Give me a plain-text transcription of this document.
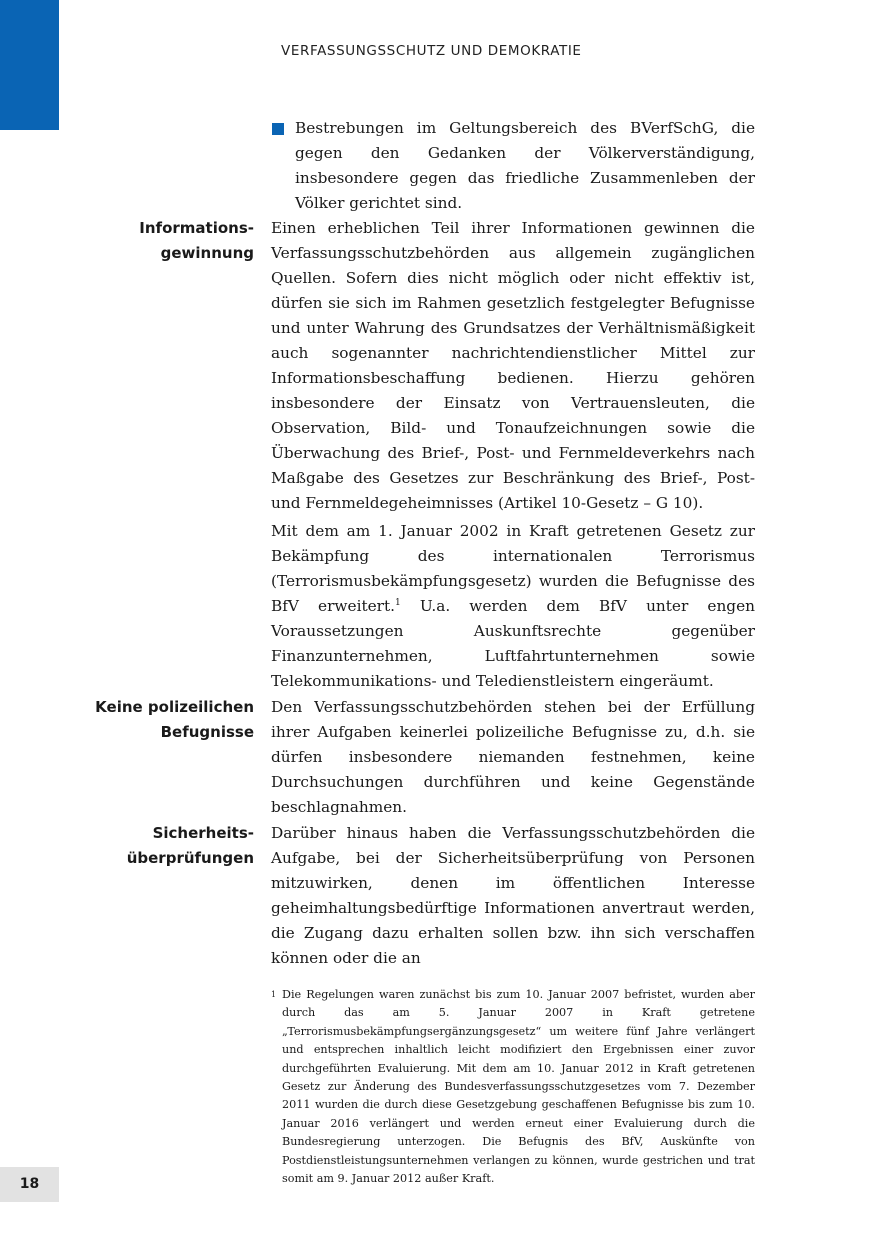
VERFASSUNGSSCHUTZ UND DEMOKRATIE
Bestrebungen im Geltungsbereich des BVerfSchG, die gegen den Gedanken der Völkerverständigung, insbesondere gegen das friedliche Zusammenleben der Völker gerichtet sind.
Informations-
gewinnung
Einen erheblichen Teil ihrer Informationen gewinnen die Verfassungsschutzbehörden aus allgemein zugänglichen Quellen. Sofern dies nicht möglich oder nicht effektiv ist, dürfen sie sich im Rahmen gesetzlich festgelegter Befugnisse und unter Wahrung des Grundsatzes der Verhältnismäßigkeit auch sogenannter nachrichtendienstlicher Mittel zur Informationsbeschaffung bedienen. Hierzu gehören insbesondere der Einsatz von Vertrauensleuten, die Observation, Bild- und Tonaufzeichnungen sowie die Überwachung des Brief-, Post- und Fernmeldeverkehrs nach Maßgabe des Gesetzes zur Beschränkung des Brief-, Post- und Fernmeldegeheimnisses (Artikel 10-Gesetz – G 10).
Mit dem am 1. Januar 2002 in Kraft getretenen Gesetz zur Bekämpfung des internationalen Terrorismus (Terrorismusbekämpfungsgesetz) wurden die Befugnisse des BfV erweitert.$^1$ U.a. werden dem BfV unter engen Voraussetzungen Auskunftsrechte gegenüber Finanzunternehmen, Luftfahrtunternehmen sowie Telekommunikations- und Teledienstleistern eingeräumt.
Keine polizeilichen
Befugnisse
Den Verfassungsschutzbehörden stehen bei der Erfüllung ihrer Aufgaben keinerlei polizeiliche Befugnisse zu, d.h. sie dürfen insbesondere niemanden festnehmen, keine Durchsuchungen durchführen und keine Gegenstände beschlagnahmen.
Sicherheits-
überprüfungen
Darüber hinaus haben die Verfassungsschutzbehörden die Aufgabe, bei der Sicherheitsüberprüfung von Personen mitzuwirken, denen im öffentlichen Interesse geheimhaltungsbedürftige Informationen anvertraut werden, die Zugang dazu erhalten sollen bzw. ihn sich verschaffen können oder die an
1 Die Regelungen waren zunächst bis zum 10. Januar 2007 befristet, wurden aber durch das am 5. Januar 2007 in Kraft getretene „Terrorismusbekämpfungsergänzungsgesetz“ um weitere fünf Jahre verlängert und entsprechen inhaltlich leicht modifiziert den Ergebnissen einer zuvor durchgeführten Evaluierung. Mit dem am 10. Januar 2012 in Kraft getretenen Gesetz zur Änderung des Bundesverfassungsschutzgesetzes vom 7. Dezember 2011 wurden die durch diese Gesetzgebung geschaffenen Befugnisse bis zum 10. Januar 2016 verlängert und werden erneut einer Evaluierung durch die Bundesregierung unterzogen. Die Befugnis des BfV, Auskünfte von Postdienstleistungsunternehmen verlangen zu können, wurde gestrichen und trat somit am 9. Januar 2012 außer Kraft.
18
